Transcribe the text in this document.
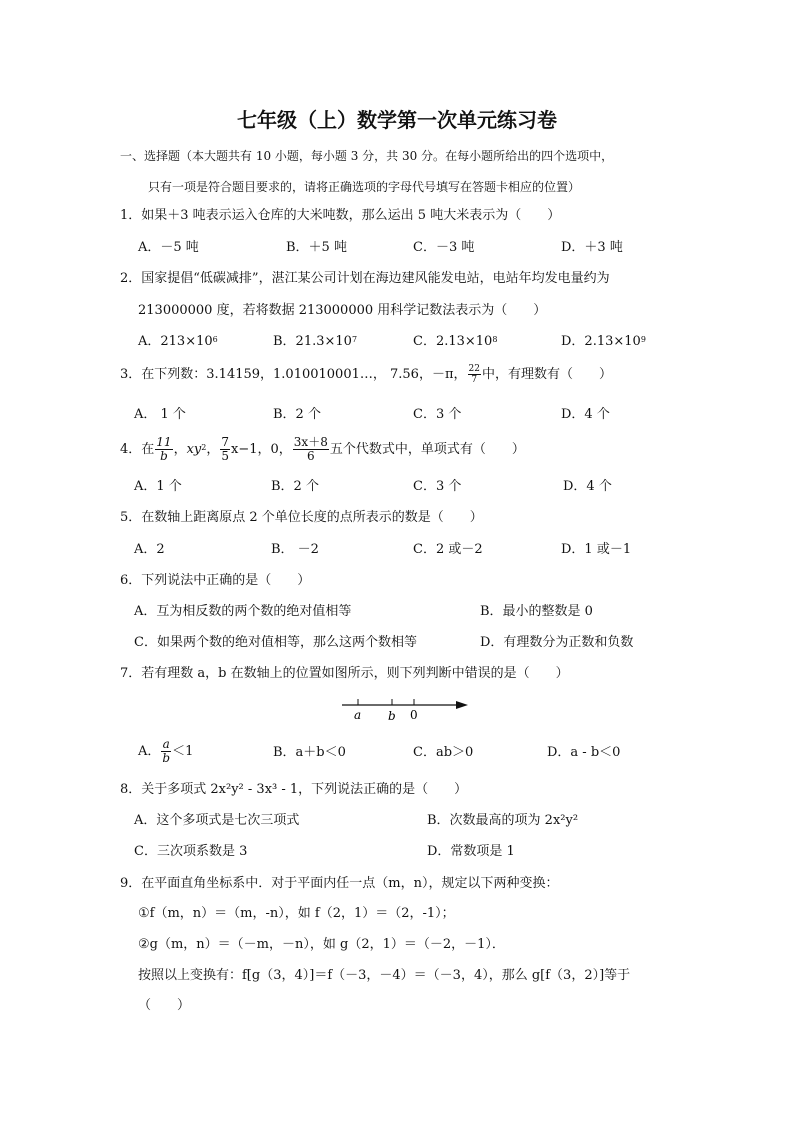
七年级（上）数学第一次单元练习卷
一、选择题（本大题共有 10 小题，每小题 3 分，共 30 分。在每小题所给出的四个选项中，
只有一项是符合题目要求的，请将正确选项的字母代号填写在答题卡相应的位置）
1．如果＋3 吨表示运入仓库的大米吨数，那么运出 5 吨大米表示为（　　）
A．－5 吨	B．＋5 吨	C．－3 吨	D．＋3 吨
2．国家提倡“低碳减排”，湛江某公司计划在海边建风能发电站，电站年均发电量约为
213000000 度，若将数据 213000000 用科学记数法表示为（　　）
A．$213\times 10^6$	B．$21.3\times 10^7$	C．$2.13\times 10^8$	D．$2.13\times 10^9$
3．在下列数：3.14159，1.010010001…， 7.56，－π， $\frac{22}{7}$ 中，有理数有（　　）
A． 1 个	B．2 个	C．3 个	D．4 个
4．在 $\frac{11}{b}$ ，$xy^2$， $\frac{7}{5} x-1$，0， $\frac{3x+8}{6}$ 五个代数式中，单项式有（　　）
A．1 个	B．2 个	C．3 个	D．4 个
5．在数轴上距离原点 2 个单位长度的点所表示的数是（　　）
A．2	B． －2	C．2 或－2	D．1 或－1
6．下列说法中正确的是（　　）
A．互为相反数的两个数的绝对值相等	B．最小的整数是 0
C．如果两个数的绝对值相等，那么这两个数相等	D．有理数分为正数和负数
7．若有理数 a，b 在数轴上的位置如图所示，则下列判断中错误的是（　　）
a b 0
A． $\frac{a}{b} <1$	B．a＋b＜0	C．ab＞0	D．a - b＜0
8．关于多项式 2x²y² - 3x³ - 1，下列说法正确的是（　　）
A．这个多项式是七次三项式	B．次数最高的项为 2x²y²
C．三次项系数是 3	D．常数项是 1
9．在平面直角坐标系中．对于平面内任一点（m，n），规定以下两种变换：
①f（m，n）＝（m，-n），如 f（2，1）＝（2，-1）；
②g（m，n）＝（－m，－n），如 g（2，1）＝（－2，－1）．
按照以上变换有：f[g（3，4）]＝f（－3，－4）＝（－3，4），那么 g[f（3，2）]等于
（　　）
